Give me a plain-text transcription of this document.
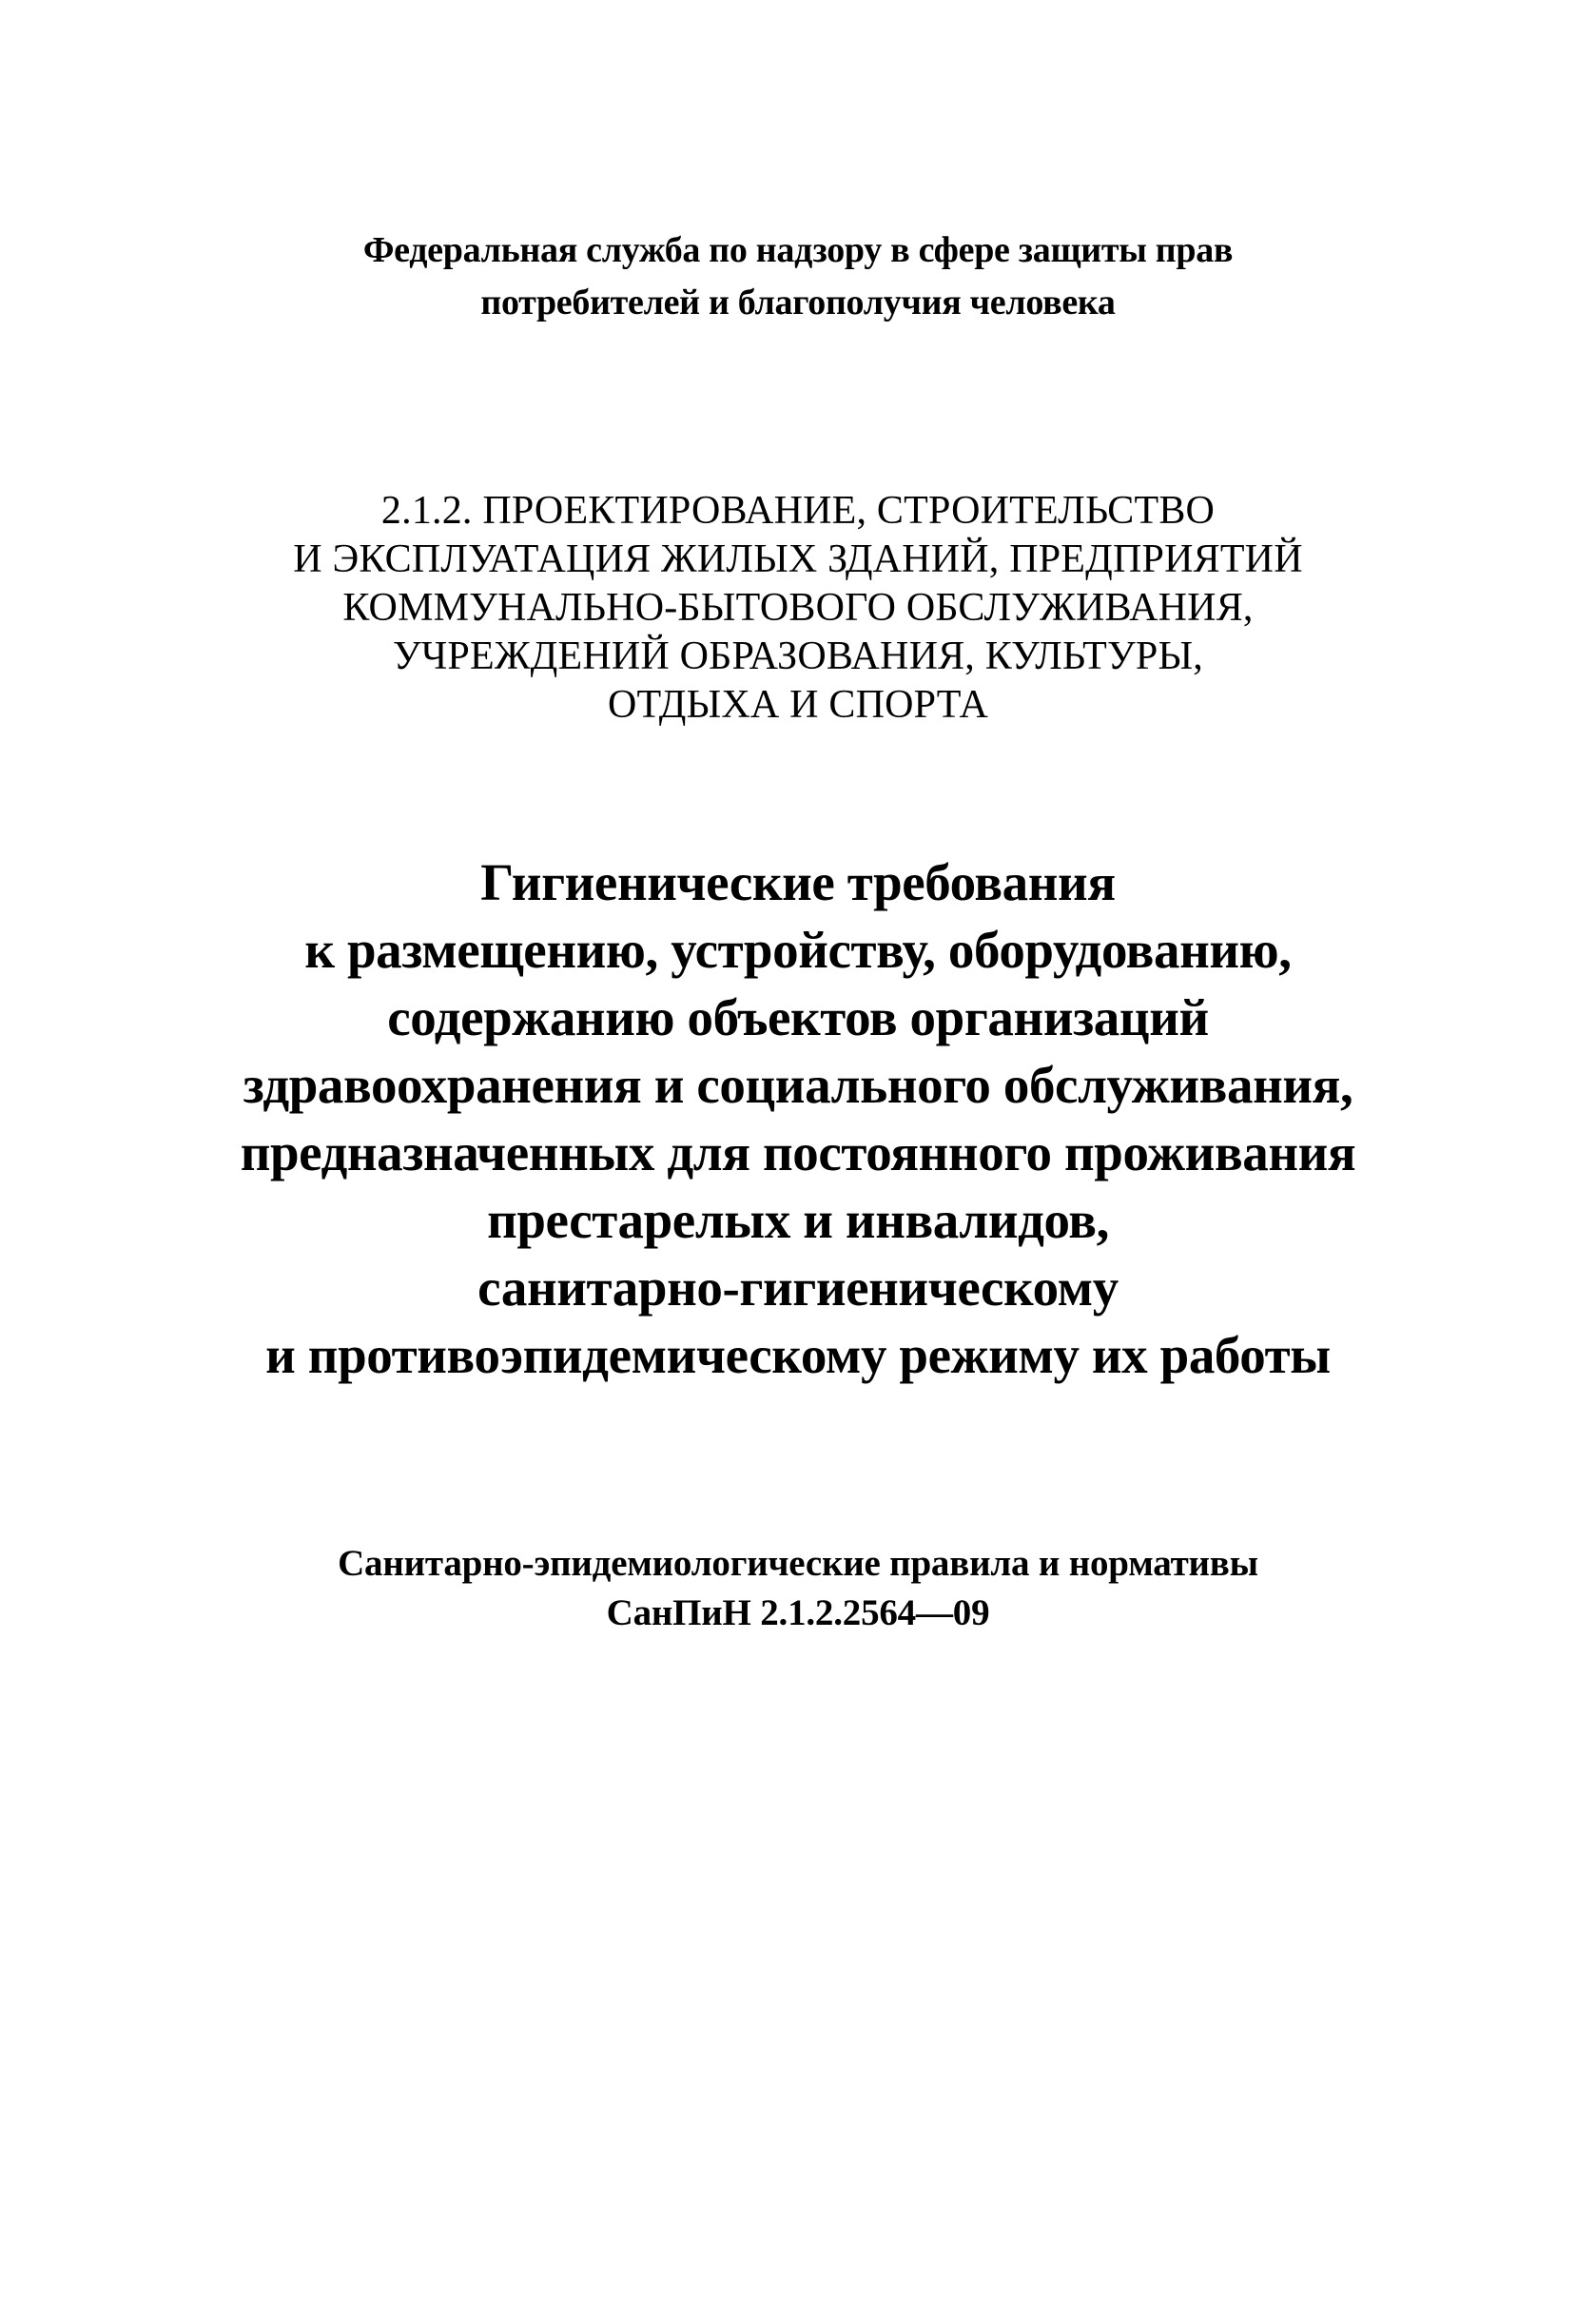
Федеральная служба по надзору в сфере защиты прав
потребителей и благополучия человека
2.1.2. ПРОЕКТИРОВАНИЕ, СТРОИТЕЛЬСТВО
И ЭКСПЛУАТАЦИЯ ЖИЛЫХ ЗДАНИЙ, ПРЕДПРИЯТИЙ
КОММУНАЛЬНО-БЫТОВОГО ОБСЛУЖИВАНИЯ,
УЧРЕЖДЕНИЙ ОБРАЗОВАНИЯ, КУЛЬТУРЫ,
ОТДЫХА И СПОРТА
Гигиенические требования
к размещению, устройству, оборудованию,
содержанию объектов организаций
здравоохранения и социального обслуживания,
предназначенных для постоянного проживания
престарелых и инвалидов,
санитарно-гигиеническому
и противоэпидемическому режиму их работы
Санитарно-эпидемиологические правила и нормативы
СанПиН 2.1.2.2564—09
